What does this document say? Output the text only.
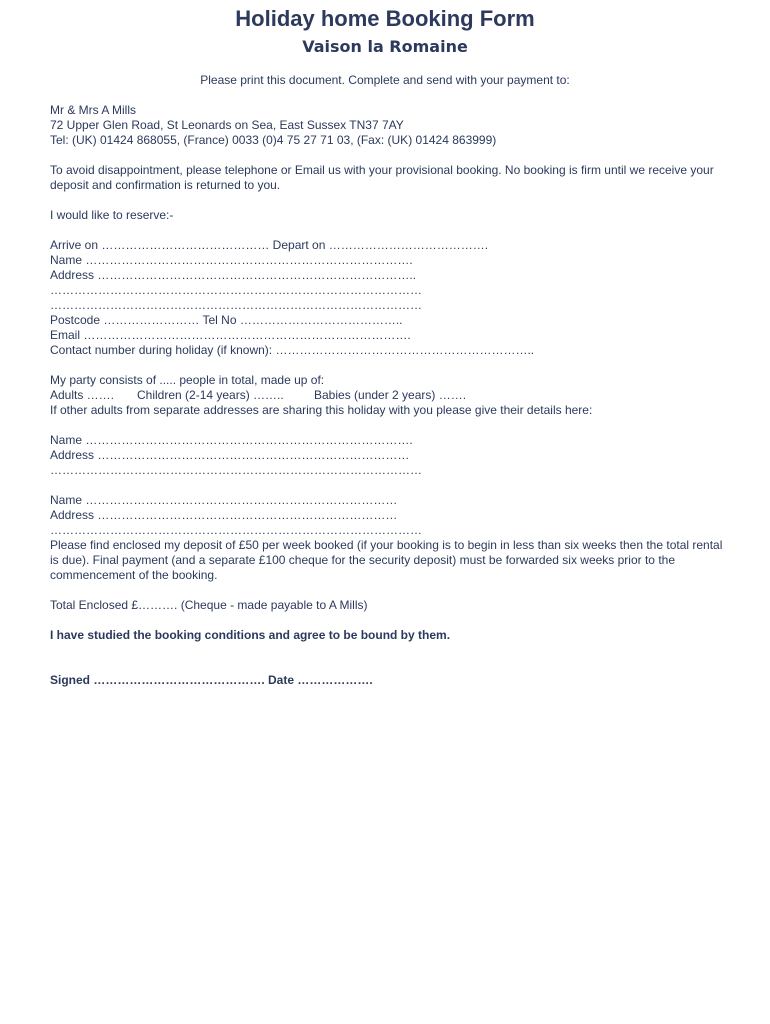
Holiday home Booking Form
Vaison la Romaine
Please print this document. Complete and send with your payment to:
Mr & Mrs A Mills
72 Upper Glen Road, St Leonards on Sea, East Sussex TN37 7AY
Tel: (UK) 01424 868055, (France) 0033 (0)4 75 27 71 03, (Fax: (UK) 01424 863999)
To avoid disappointment, please telephone or Email us with your provisional booking. No booking is firm until we receive your deposit and confirmation is returned to you.
I would like to reserve:-
Arrive on …………………………………… Depart on ………………………………….
Name ……………………………………………………………………….
Address ……………………………………………………………………..
…………………………………………………………………………………
…………………………………………………………………………………
Postcode …………………… Tel No …………………………………..
Email ……………………………………………………………………….
Contact number during holiday (if known): ………………………………………………………..
My party consists of ..... people in total, made up of:
Adults ……. Children (2-14 years) ……..	Babies (under 2 years) …….
If other adults from separate addresses are sharing this holiday with you please give their details here:
Name ……………………………………………………………………….
Address ……………………………………………………………………
…………………………………………………………………………………
Name ……………………………………………………………………
Address …………………………………………………………………
…………………………………………………………………………………
Please find enclosed my deposit of £50 per week booked (if your booking is to begin in less than six weeks then the total rental is due). Final payment (and a separate £100 cheque for the security deposit) must be forwarded six weeks prior to the commencement of the booking.
Total Enclosed £………. (Cheque - made payable to A Mills)
I have studied the booking conditions and agree to be bound by them.
Signed ……………………………………. Date ……………….
